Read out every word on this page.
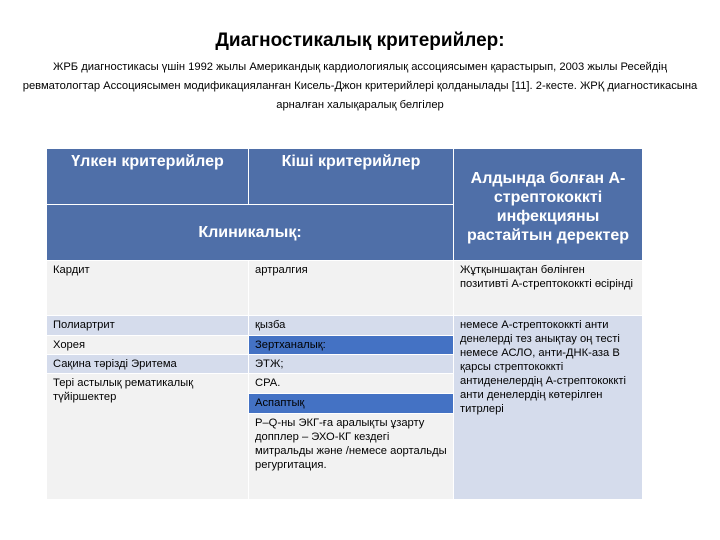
Диагностикалық критерийлер:
ЖРБ диагностикасы үшін 1992 жылы Американдық кардиологиялық ассоциясымен қарастырып, 2003 жылы Ресейдің ревматологтар Ассоциясымен модификацияланған Кисель-Джон критерийлері қолданылады [11]. 2-кесте. ЖРҚ диагностикасына арналған халықаралық белгілер
Үлкен критерийлер	Кіші критерийлер	Алдында болған А-стрептококкті инфекцияны растайтын деректер
Клиникалық:		
Кардит	артралгия	Жұтқыншақтан бөлінген позитивті А-стрептококкті өсірінді
Полиартрит	қызба	немесе А-стрептококкті анти денелерді тез анықтау оң тесті немесе АСЛО, анти-ДНК-аза В қарсы стрептококкті антиденелердің А-стрептококкті анти денелердің көтерілген титрлері
Хорея	Зертханалық:	
Сақина тәрізді Эритема	ЭТЖ;	
Тері астылық рематикалық түйіршектер	СРА.	
	Аспаптық	
	Р–Q-ны ЭКГ-ға аралықты ұзарту допплер – ЭХО-КГ кездегі митральды және /немесе аортальды регургитация.	
